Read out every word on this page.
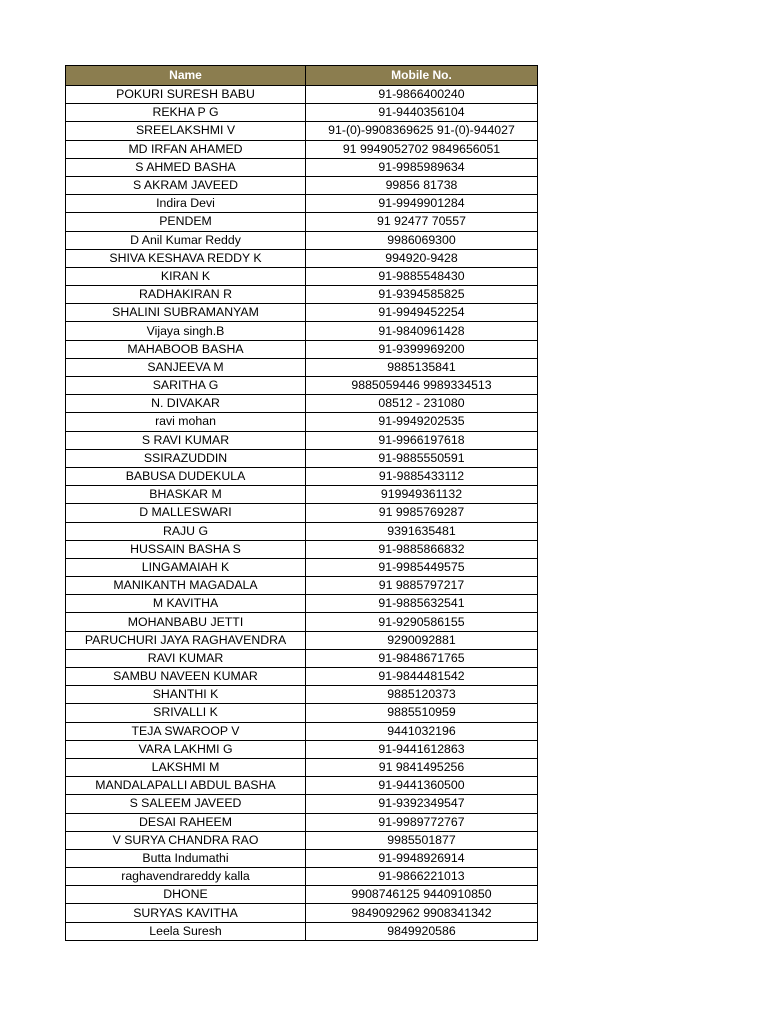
Name	Mobile No.
POKURI SURESH BABU	91-9866400240
REKHA P G	91-9440356104
SREELAKSHMI V	91-(0)-9908369625 91-(0)-944027
MD IRFAN AHAMED	91 9949052702 9849656051
S AHMED BASHA	91-9985989634
S AKRAM JAVEED	99856 81738
Indira Devi	91-9949901284
PENDEM	91 92477 70557
D Anil Kumar Reddy	9986069300
SHIVA KESHAVA REDDY K	994920-9428
KIRAN K	91-9885548430
RADHAKIRAN R	91-9394585825
SHALINI SUBRAMANYAM	91-9949452254
Vijaya singh.B	91-9840961428
MAHABOOB BASHA	91-9399969200
SANJEEVA M	9885135841
SARITHA G	9885059446 9989334513
N. DIVAKAR	08512 - 231080
ravi mohan	91-9949202535
S RAVI KUMAR	91-9966197618
SSIRAZUDDIN	91-9885550591
BABUSA DUDEKULA	91-9885433112
BHASKAR M	919949361132
D MALLESWARI	91 9985769287
RAJU G	9391635481
HUSSAIN BASHA S	91-9885866832
LINGAMAIAH K	91-9985449575
MANIKANTH MAGADALA	91 9885797217
M KAVITHA	91-9885632541
MOHANBABU JETTI	91-9290586155
PARUCHURI JAYA RAGHAVENDRA	9290092881
RAVI KUMAR	91-9848671765
SAMBU NAVEEN KUMAR	91-9844481542
SHANTHI K	9885120373
SRIVALLI K	9885510959
TEJA SWAROOP V	9441032196
VARA LAKHMI G	91-9441612863
LAKSHMI M	91 9841495256
MANDALAPALLI ABDUL BASHA	91-9441360500
S SALEEM JAVEED	91-9392349547
DESAI RAHEEM	91-9989772767
V SURYA CHANDRA RAO	9985501877
Butta Indumathi	91-9948926914
raghavendrareddy kalla	91-9866221013
DHONE	9908746125 9440910850
SURYAS KAVITHA	9849092962 9908341342
Leela Suresh	9849920586
